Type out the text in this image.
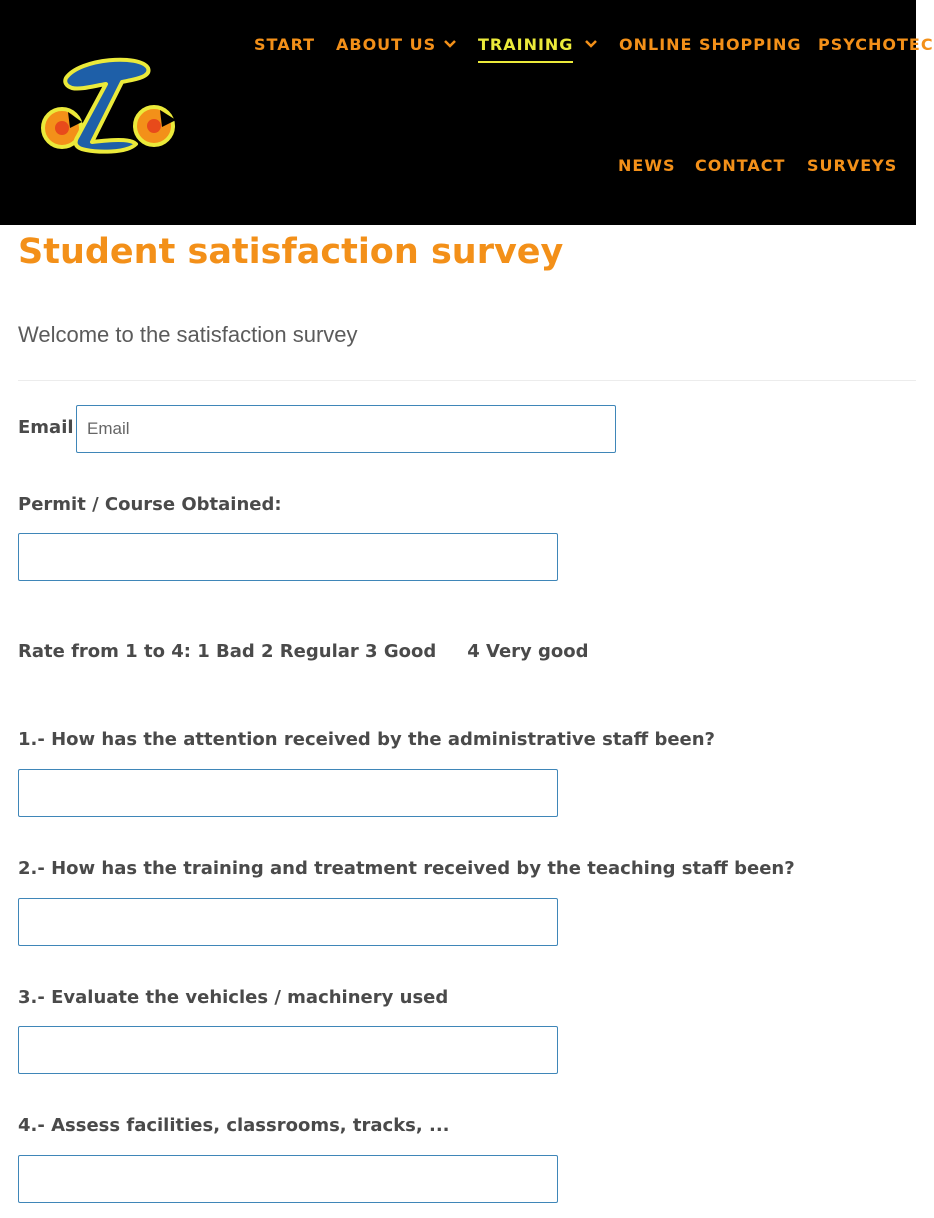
START ABOUT US	TRAINING	ONLINE SHOPPING PSYCHOTEC
NEWS CONTACT SURVEYS
Student satisfaction survey
Welcome to the satisfaction survey
Email
Email
Permit / Course Obtained:
Rate from 1 to 4: 1 Bad 2 Regular 3 Good 4 Very good
1.- How has the attention received by the administrative staff been?
2.- How has the training and treatment received by the teaching staff been?
3.- Evaluate the vehicles / machinery used
4.- Assess facilities, classrooms, tracks, ...
